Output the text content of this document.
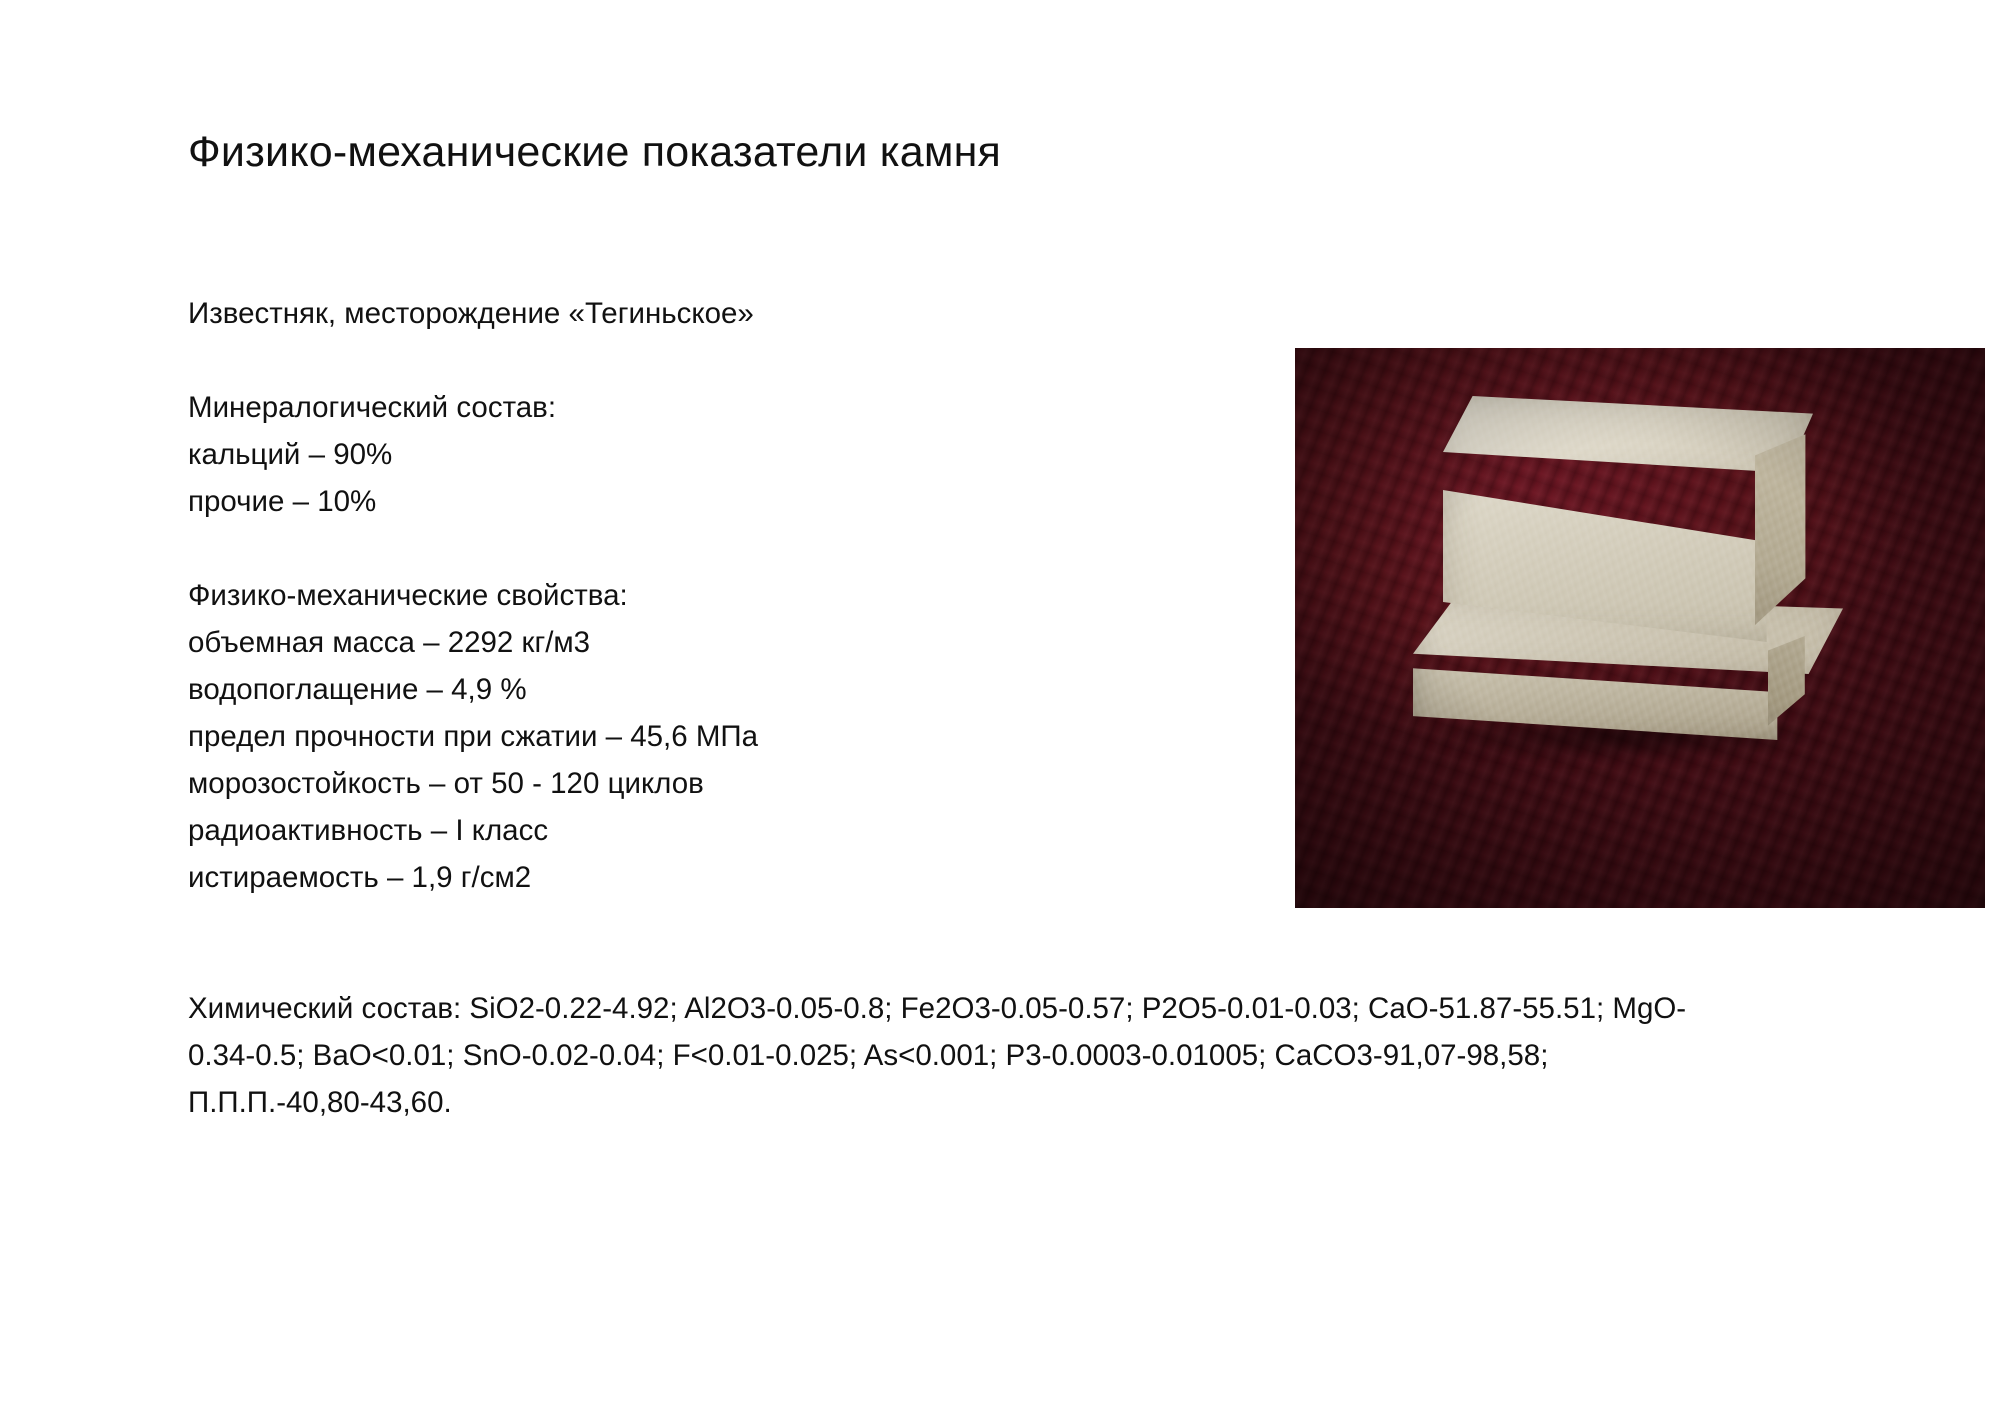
Физико-механические показатели камня
Известняк, месторождение «Тегиньское»
Минералогический состав:
кальций – 90%
прочие – 10%
Физико-механические свойства:
объемная масса – 2292 кг/м3
водопоглащение – 4,9 %
предел прочности при сжатии – 45,6 МПа
морозостойкость – от 50 - 120 циклов
радиоактивность – I класс
истираемость – 1,9 г/см2
Химический состав: SiO2-0.22-4.92; Al2O3-0.05-0.8; Fe2O3-0.05-0.57; P2O5-0.01-0.03; CaO-51.87-55.51; MgO-0.34-0.5; BaO<0.01; SnO-0.02-0.04; F<0.01-0.025; As<0.001; P3-0.0003-0.01005; CaCO3-91,07-98,58; П.П.П.-40,80-43,60.
